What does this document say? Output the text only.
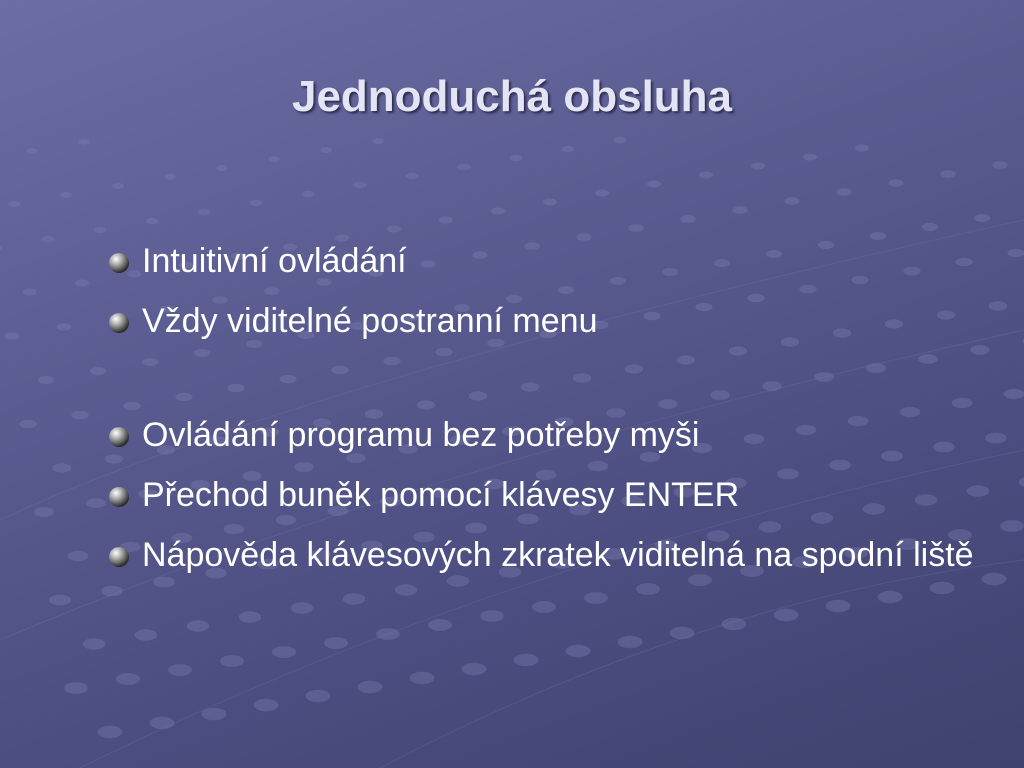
Jednoduchá obsluha
Intuitivní ovládání
Vždy viditelné postranní menu
Ovládání programu bez potřeby myši
Přechod buněk pomocí klávesy ENTER
Nápověda klávesových zkratek viditelná na spodní liště
